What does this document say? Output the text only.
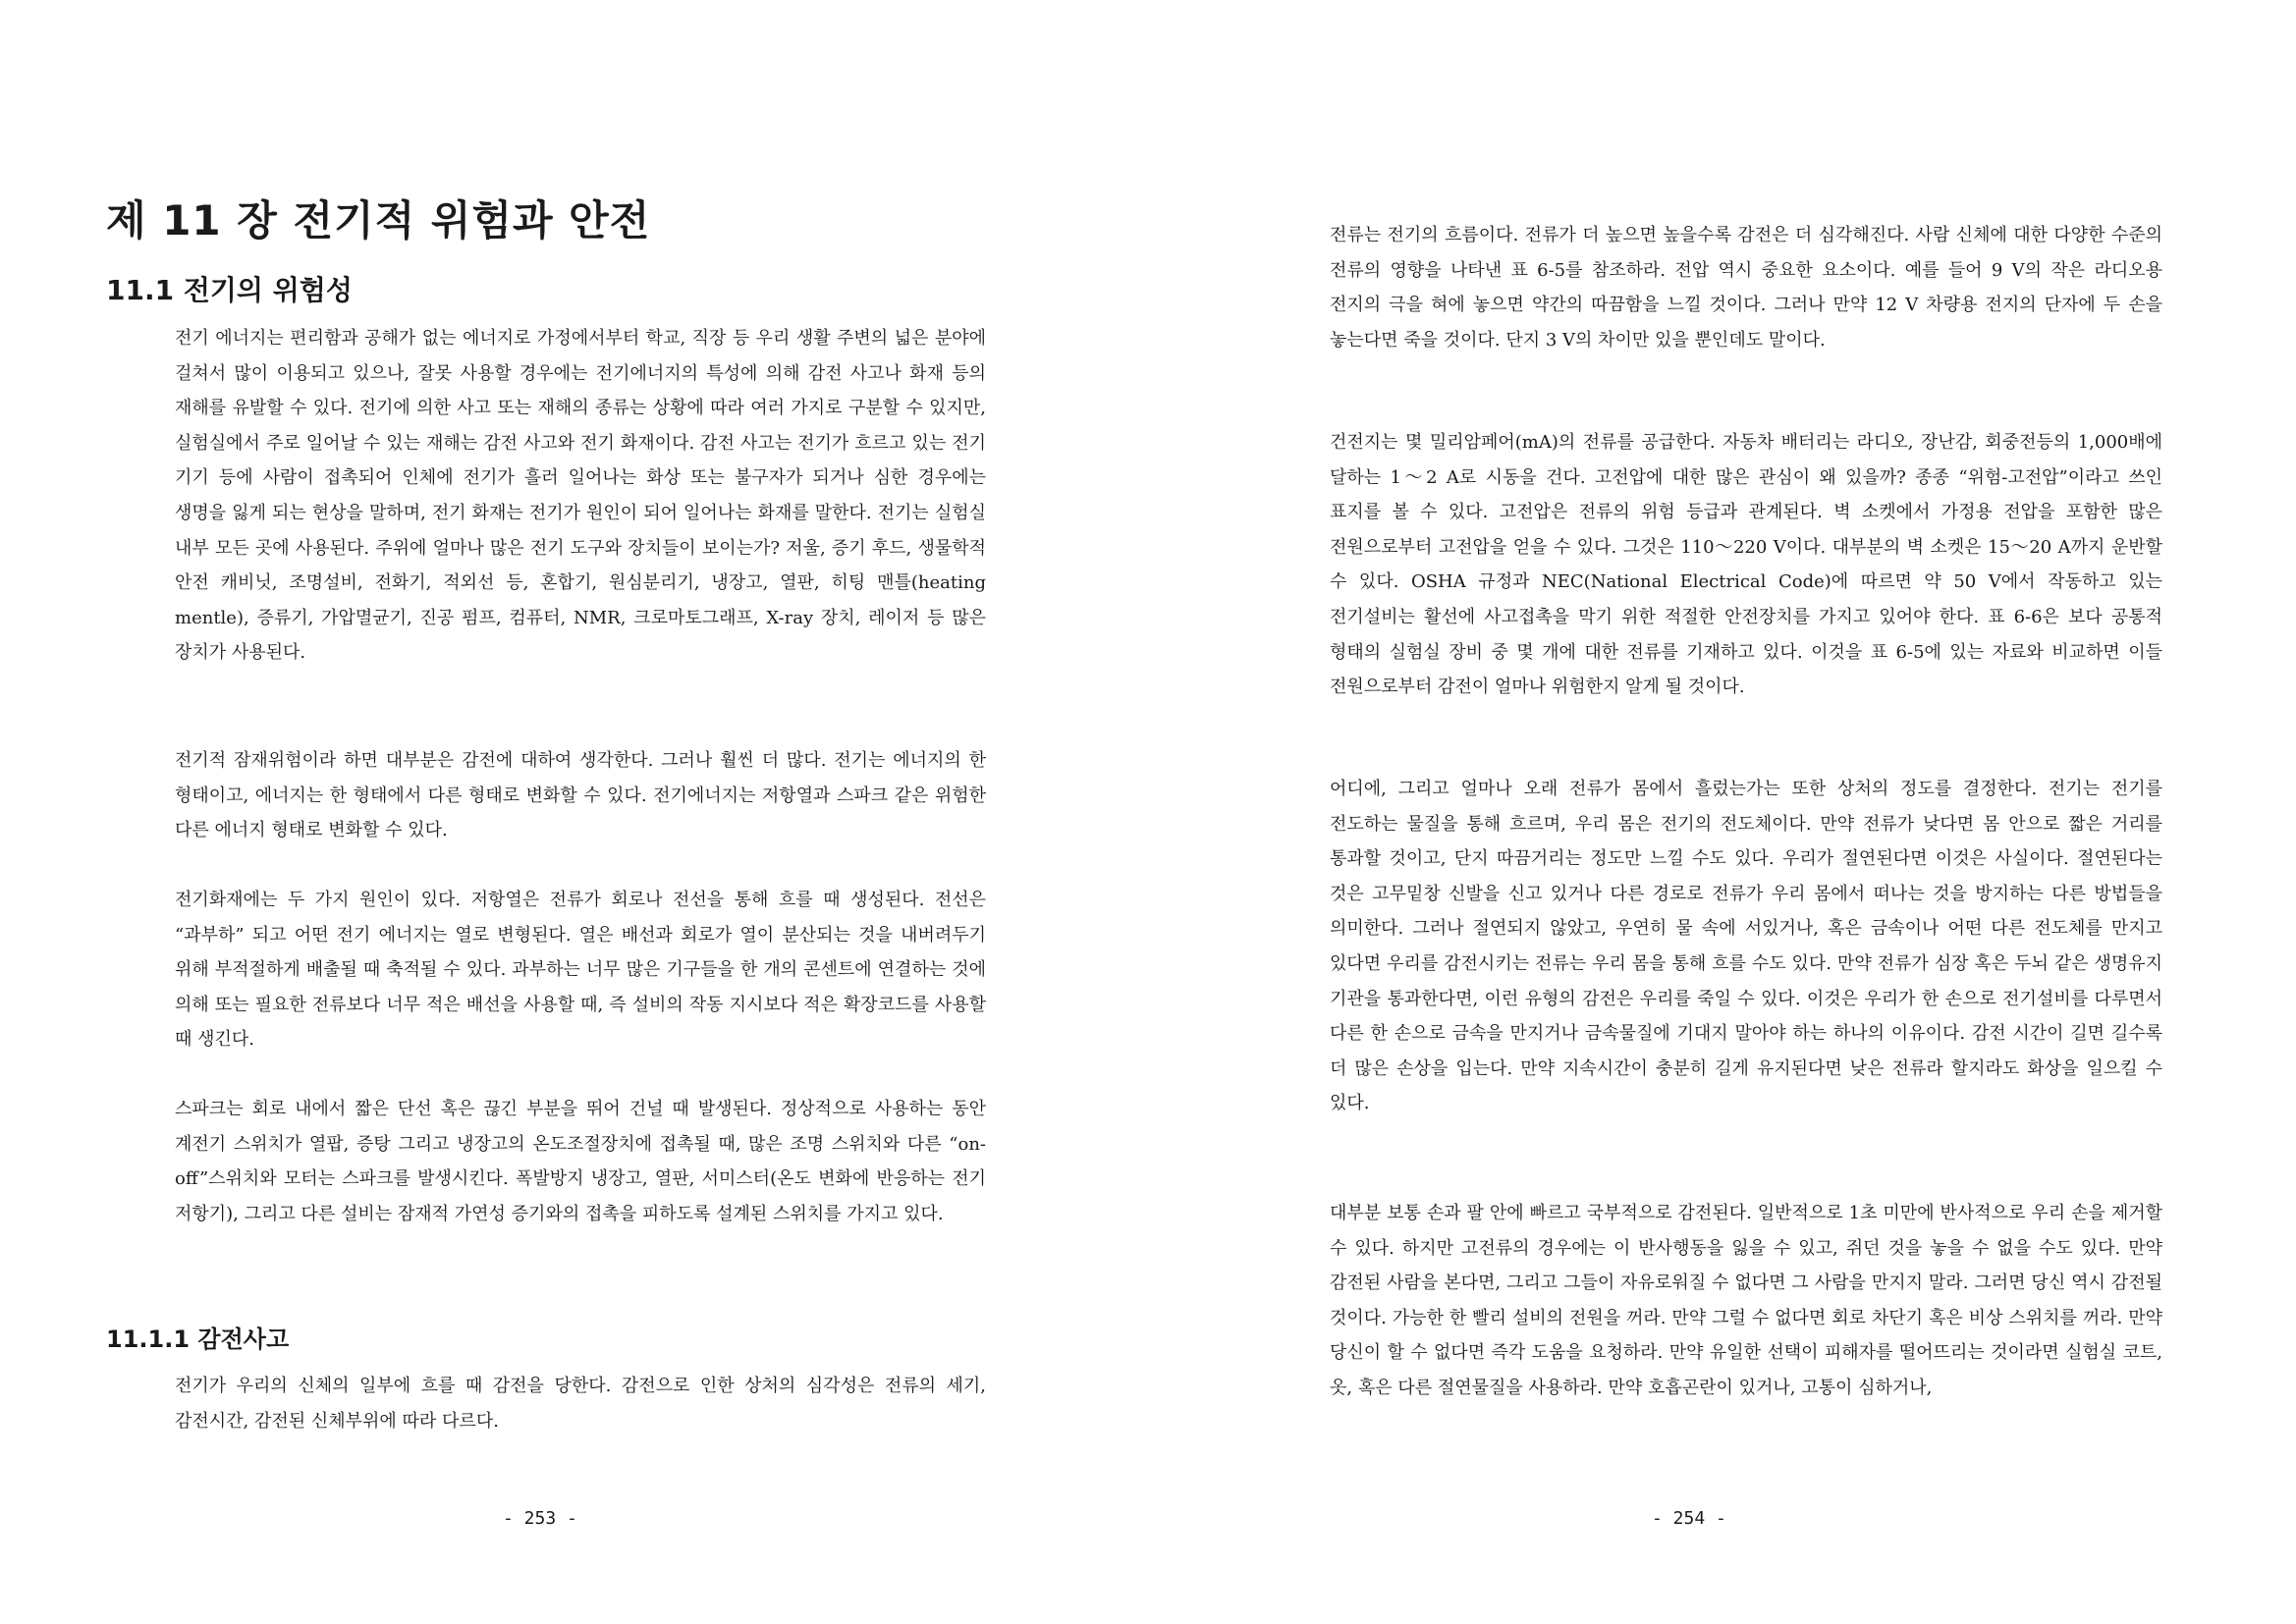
제 11 장 전기적 위험과 안전
11.1 전기의 위험성

전기 에너지는 편리함과 공해가 없는 에너지로 가정에서부터 학교, 직장 등 우리 생활 주변의 넓은 분야에 걸쳐서 많이 이용되고 있으나, 잘못 사용할 경우에는 전기에너지의 특성에 의해 감전 사고나 화재 등의 재해를 유발할 수 있다. 전기에 의한 사고 또는 재해의 종류는 상황에 따라 여러 가지로 구분할 수 있지만, 실험실에서 주로 일어날 수 있는 재해는 감전 사고와 전기 화재이다. 감전 사고는 전기가 흐르고 있는 전기 기기 등에 사람이 접촉되어 인체에 전기가 흘러 일어나는 화상 또는 불구자가 되거나 심한 경우에는 생명을 잃게 되는 현상을 말하며, 전기 화재는 전기가 원인이 되어 일어나는 화재를 말한다. 전기는 실험실 내부 모든 곳에 사용된다. 주위에 얼마나 많은 전기 도구와 장치들이 보이는가? 저울, 증기 후드, 생물학적 안전 캐비닛, 조명설비, 전화기, 적외선 등, 혼합기, 원심분리기, 냉장고, 열판, 히팅 맨틀(heating mentle), 증류기, 가압멸균기, 진공 펌프, 컴퓨터, NMR, 크로마토그래프, X-ray 장치, 레이저 등 많은 장치가 사용된다.

전기적 잠재위험이라 하면 대부분은 감전에 대하여 생각한다. 그러나 훨씬 더 많다. 전기는 에너지의 한 형태이고, 에너지는 한 형태에서 다른 형태로 변화할 수 있다. 전기에너지는 저항열과 스파크 같은 위험한 다른 에너지 형태로 변화할 수 있다.

전기화재에는 두 가지 원인이 있다. 저항열은 전류가 회로나 전선을 통해 흐를 때 생성된다. 전선은 “과부하” 되고 어떤 전기 에너지는 열로 변형된다. 열은 배선과 회로가 열이 분산되는 것을 내버려두기 위해 부적절하게 배출될 때 축적될 수 있다. 과부하는 너무 많은 기구들을 한 개의 콘센트에 연결하는 것에 의해 또는 필요한 전류보다 너무 적은 배선을 사용할 때, 즉 설비의 작동 지시보다 적은 확장코드를 사용할 때 생긴다.

스파크는 회로 내에서 짧은 단선 혹은 끊긴 부분을 뛰어 건널 때 발생된다. 정상적으로 사용하는 동안 계전기 스위치가 열팝, 증탕 그리고 냉장고의 온도조절장치에 접촉될 때, 많은 조명 스위치와 다른 “on-off”스위치와 모터는 스파크를 발생시킨다. 폭발방지 냉장고, 열판, 서미스터(온도 변화에 반응하는 전기 저항기), 그리고 다른 설비는 잠재적 가연성 증기와의 접촉을 피하도록 설계된 스위치를 가지고 있다.

11.1.1 감전사고

전기가 우리의 신체의 일부에 흐를 때 감전을 당한다. 감전으로 인한 상처의 심각성은 전류의 세기, 감전시간, 감전된 신체부위에 따라 다르다.

- 253 -

전류는 전기의 흐름이다. 전류가 더 높으면 높을수록 감전은 더 심각해진다. 사람 신체에 대한 다양한 수준의 전류의 영향을 나타낸 표 6-5를 참조하라. 전압 역시 중요한 요소이다. 예를 들어 9 V의 작은 라디오용 전지의 극을 혀에 놓으면 약간의 따끔함을 느낄 것이다. 그러나 만약 12 V 차량용 전지의 단자에 두 손을 놓는다면 죽을 것이다. 단지 3 V의 차이만 있을 뿐인데도 말이다.

건전지는 몇 밀리암페어(mA)의 전류를 공급한다. 자동차 배터리는 라디오, 장난감, 회중전등의 1,000배에 달하는 1～2 A로 시동을 건다. 고전압에 대한 많은 관심이 왜 있을까? 종종 “위험-고전압”이라고 쓰인 표지를 볼 수 있다. 고전압은 전류의 위험 등급과 관계된다. 벽 소켓에서 가정용 전압을 포함한 많은 전원으로부터 고전압을 얻을 수 있다. 그것은 110～220 V이다. 대부분의 벽 소켓은 15～20 A까지 운반할 수 있다. OSHA 규정과 NEC(National Electrical Code)에 따르면 약 50 V에서 작동하고 있는 전기설비는 활선에 사고접촉을 막기 위한 적절한 안전장치를 가지고 있어야 한다. 표 6-6은 보다 공통적 형태의 실험실 장비 중 몇 개에 대한 전류를 기재하고 있다. 이것을 표 6-5에 있는 자료와 비교하면 이들 전원으로부터 감전이 얼마나 위험한지 알게 될 것이다.

어디에, 그리고 얼마나 오래 전류가 몸에서 흘렀는가는 또한 상처의 정도를 결정한다. 전기는 전기를 전도하는 물질을 통해 흐르며, 우리 몸은 전기의 전도체이다. 만약 전류가 낮다면 몸 안으로 짧은 거리를 통과할 것이고, 단지 따끔거리는 정도만 느낄 수도 있다. 우리가 절연된다면 이것은 사실이다. 절연된다는 것은 고무밑창 신발을 신고 있거나 다른 경로로 전류가 우리 몸에서 떠나는 것을 방지하는 다른 방법들을 의미한다. 그러나 절연되지 않았고, 우연히 물 속에 서있거나, 혹은 금속이나 어떤 다른 전도체를 만지고 있다면 우리를 감전시키는 전류는 우리 몸을 통해 흐를 수도 있다. 만약 전류가 심장 혹은 두뇌 같은 생명유지 기관을 통과한다면, 이런 유형의 감전은 우리를 죽일 수 있다. 이것은 우리가 한 손으로 전기설비를 다루면서 다른 한 손으로 금속을 만지거나 금속물질에 기대지 말아야 하는 하나의 이유이다. 감전 시간이 길면 길수록 더 많은 손상을 입는다. 만약 지속시간이 충분히 길게 유지된다면 낮은 전류라 할지라도 화상을 일으킬 수 있다.

대부분 보통 손과 팔 안에 빠르고 국부적으로 감전된다. 일반적으로 1초 미만에 반사적으로 우리 손을 제거할 수 있다. 하지만 고전류의 경우에는 이 반사행동을 잃을 수 있고, 쥐던 것을 놓을 수 없을 수도 있다. 만약 감전된 사람을 본다면, 그리고 그들이 자유로워질 수 없다면 그 사람을 만지지 말라. 그러면 당신 역시 감전될 것이다. 가능한 한 빨리 설비의 전원을 꺼라. 만약 그럴 수 없다면 회로 차단기 혹은 비상 스위치를 꺼라. 만약 당신이 할 수 없다면 즉각 도움을 요청하라. 만약 유일한 선택이 피해자를 떨어뜨리는 것이라면 실험실 코트, 옷, 혹은 다른 절연물질을 사용하라. 만약 호흡곤란이 있거나, 고통이 심하거나,

- 254 -
